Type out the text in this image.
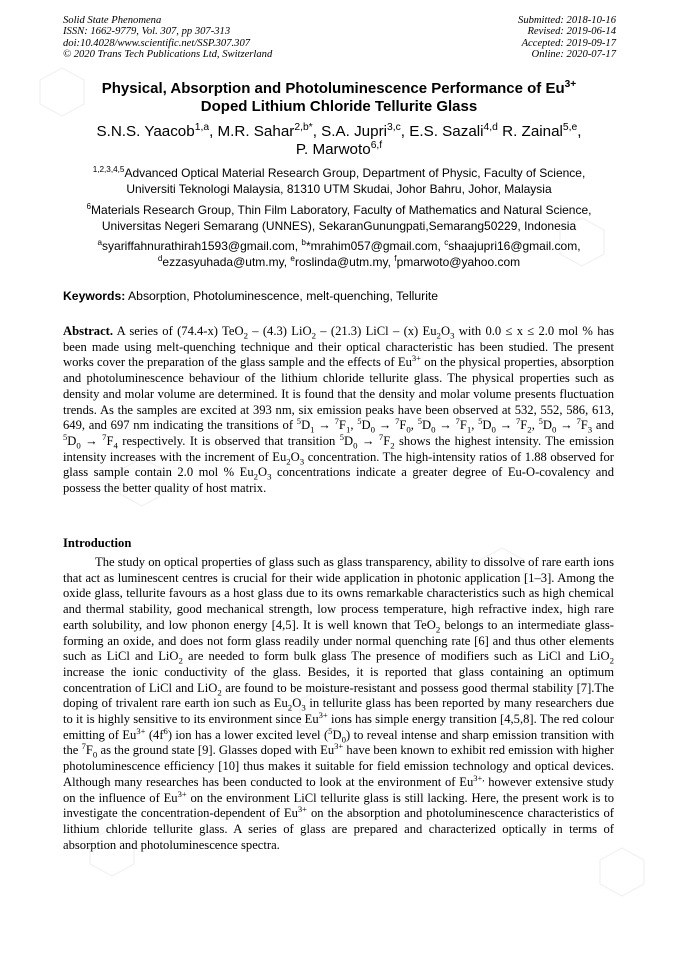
Solid State Phenomena
ISSN: 1662-9779, Vol. 307, pp 307-313
doi:10.4028/www.scientific.net/SSP.307.307
© 2020 Trans Tech Publications Ltd, Switzerland
Submitted: 2018-10-16
Revised: 2019-06-14
Accepted: 2019-09-17
Online: 2020-07-17
Physical, Absorption and Photoluminescence Performance of $Eu^{3+}$
Doped Lithium Chloride Tellurite Glass
S.N.S. Yaacob$^{1,a}$, M.R. Sahar$^{2,b*}$, S.A. Jupri$^{3,c}$, E.S. Sazali$^{4,d}$ R. Zainal$^{5,e}$,
P. Marwoto$^{6,f}$
$^{1,2,3,4,5}$Advanced Optical Material Research Group, Department of Physic, Faculty of Science,
Universiti Teknologi Malaysia, 81310 UTM Skudai, Johor Bahru, Johor, Malaysia
$^6$Materials Research Group, Thin Film Laboratory, Faculty of Mathematics and Natural Science,
Universitas Negeri Semarang (UNNES), SekaranGunungpati,Semarang50229, Indonesia
$^a$syariffahnurathirah1593@gmail.com, $^b$*mrahim057@gmail.com, $^c$shaajupri16@gmail.com,
$^d$ezzasyuhada@utm.my, $^e$roslinda@utm.my, $^f$pmarwoto@yahoo.com
Keywords: Absorption, Photoluminescence, melt-quenching, Tellurite
Abstract. A series of (74.4-x) TeO$_2$ – (4.3) LiO$_2$ – (21.3) LiCl – (x) $Eu_2O_3$ with 0.0 ≤ x ≤ 2.0 mol % has been made using melt-quenching technique and their optical characteristic has been studied. The present works cover the preparation of the glass sample and the effects of $Eu^{3+}$ on the physical properties, absorption and photoluminescence behaviour of the lithium chloride tellurite glass. The physical properties such as density and molar volume are determined. It is found that the density and molar volume presents fluctuation trends. As the samples are excited at 393 nm, six emission peaks have been observed at 532, 552, 586, 613, 649, and 697 nm indicating the transitions of $^5D_1 \to ^7F_1$, $^5D_0 \to ^7F_0$, $^5D_0 \to ^7F_1$, $^5D_0 \to ^7F_2$, $^5D_0 \to ^7F_3$ and $^5D_0 \to ^7F_4$ respectively. It is observed that transition $^5D_0 \to ^7F_2$ shows the highest intensity. The emission intensity increases with the increment of $Eu_2O_3$ concentration. The high-intensity ratios of 1.88 observed for glass sample contain 2.0 mol % $Eu_2O_3$ concentrations indicate a greater degree of Eu-O-covalency and possess the better quality of host matrix.
Introduction
The study on optical properties of glass such as glass transparency, ability to dissolve of rare earth ions that act as luminescent centres is crucial for their wide application in photonic application [1–3]. Among the oxide glass, tellurite favours as a host glass due to its owns remarkable characteristics such as high chemical and thermal stability, good mechanical strength, low process temperature, high refractive index, high rare earth solubility, and low phonon energy [4,5]. It is well known that TeO$_2$ belongs to an intermediate glass-forming an oxide, and does not form glass readily under normal quenching rate [6] and thus other elements such as LiCl and LiO$_2$ are needed to form bulk glass The presence of modifiers such as LiCl and LiO$_2$ increase the ionic conductivity of the glass. Besides, it is reported that glass containing an optimum concentration of LiCl and LiO$_2$ are found to be moisture-resistant and possess good thermal stability [7].The doping of trivalent rare earth ion such as $Eu_2O_3$ in tellurite glass has been reported by many researchers due to it is highly sensitive to its environment since $Eu^{3+}$ ions has simple energy transition [4,5,8]. The red colour emitting of $Eu^{3+}$ $(4f^6)$ ion has a lower excited level $(^5D_0)$ to reveal intense and sharp emission transition with the $^7F_0$ as the ground state [9]. Glasses doped with $Eu^{3+}$ have been known to exhibit red emission with higher photoluminescence efficiency [10] thus makes it suitable for field emission technology and optical devices. Although many researches has been conducted to look at the environment of $Eu^{3+,}$ however extensive study on the influence of $Eu^{3+}$ on the environment LiCl tellurite glass is still lacking. Here, the present work is to investigate the concentration-dependent of $Eu^{3+}$ on the absorption and photoluminescence characteristics of lithium chloride tellurite glass. A series of glass are prepared and characterized optically in terms of absorption and photoluminescence spectra.
